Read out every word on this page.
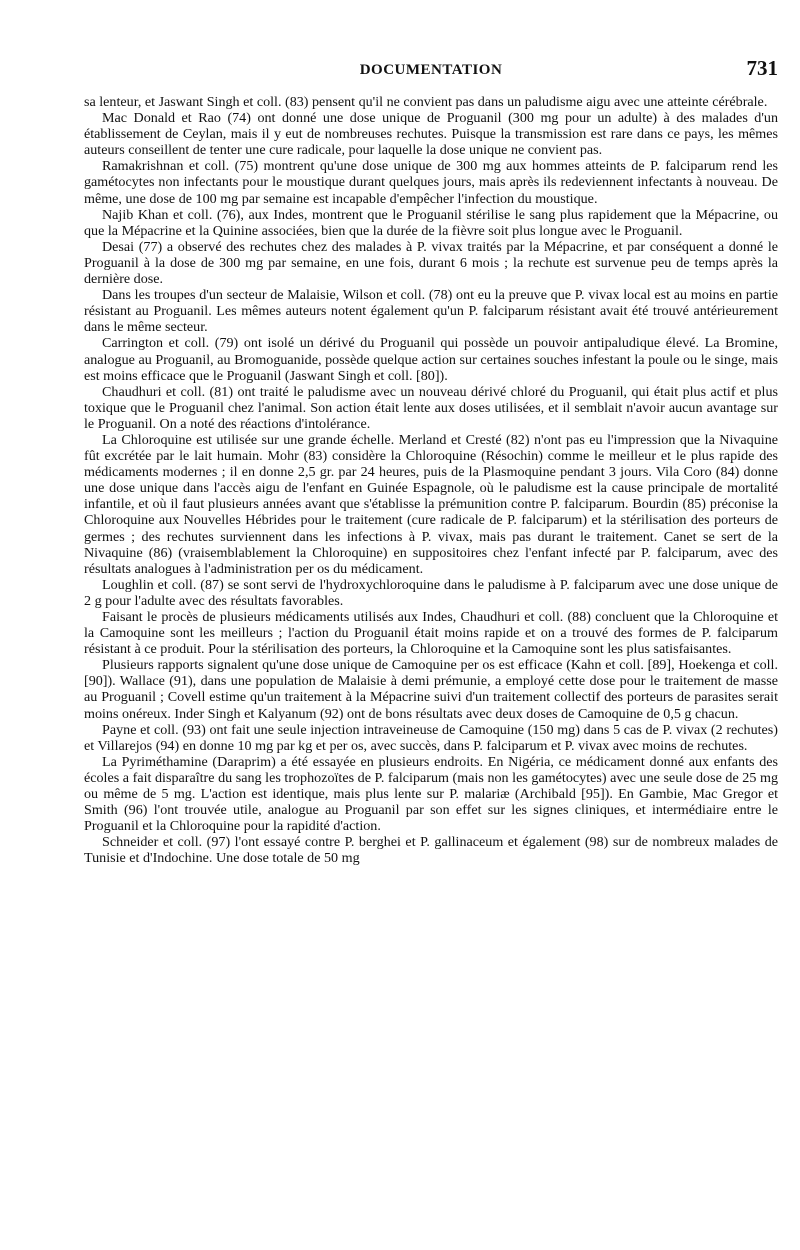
DOCUMENTATION	731

sa lenteur, et Jaswant Singh et coll. (83) pensent qu'il ne convient pas dans un paludisme aigu avec une atteinte cérébrale.

Mac Donald et Rao (74) ont donné une dose unique de Proguanil (300 mg pour un adulte) à des malades d'un établissement de Ceylan, mais il y eut de nombreuses rechutes. Puisque la transmission est rare dans ce pays, les mêmes auteurs conseillent de tenter une cure radicale, pour laquelle la dose unique ne convient pas.

Ramakrishnan et coll. (75) montrent qu'une dose unique de 300 mg aux hommes atteints de P. falciparum rend les gamétocytes non infectants pour le moustique durant quelques jours, mais après ils redeviennent infectants à nouveau. De même, une dose de 100 mg par semaine est incapable d'empêcher l'infection du moustique.

Najib Khan et coll. (76), aux Indes, montrent que le Proguanil stérilise le sang plus rapidement que la Mépacrine, ou que la Mépacrine et la Quinine associées, bien que la durée de la fièvre soit plus longue avec le Proguanil.

Desai (77) a observé des rechutes chez des malades à P. vivax traités par la Mépacrine, et par conséquent a donné le Proguanil à la dose de 300 mg par semaine, en une fois, durant 6 mois ; la rechute est survenue peu de temps après la dernière dose.

Dans les troupes d'un secteur de Malaisie, Wilson et coll. (78) ont eu la preuve que P. vivax local est au moins en partie résistant au Proguanil. Les mêmes auteurs notent également qu'un P. falciparum résistant avait été trouvé antérieurement dans le même secteur.

Carrington et coll. (79) ont isolé un dérivé du Proguanil qui possède un pouvoir antipaludique élevé. La Bromine, analogue au Proguanil, au Bromoguanide, possède quelque action sur certaines souches infestant la poule ou le singe, mais est moins efficace que le Proguanil (Jaswant Singh et coll. [80]).

Chaudhuri et coll. (81) ont traité le paludisme avec un nouveau dérivé chloré du Proguanil, qui était plus actif et plus toxique que le Proguanil chez l'animal. Son action était lente aux doses utilisées, et il semblait n'avoir aucun avantage sur le Proguanil. On a noté des réactions d'intolérance.

La Chloroquine est utilisée sur une grande échelle. Merland et Cresté (82) n'ont pas eu l'impression que la Nivaquine fût excrétée par le lait humain. Mohr (83) considère la Chloroquine (Résochin) comme le meilleur et le plus rapide des médicaments modernes ; il en donne 2,5 gr. par 24 heures, puis de la Plasmoquine pendant 3 jours. Vila Coro (84) donne une dose unique dans l'accès aigu de l'enfant en Guinée Espagnole, où le paludisme est la cause principale de mortalité infantile, et où il faut plusieurs années avant que s'établisse la prémunition contre P. falciparum. Bourdin (85) préconise la Chloroquine aux Nouvelles Hébrides pour le traitement (cure radicale de P. falciparum) et la stérilisation des porteurs de germes ; des rechutes surviennent dans les infections à P. vivax, mais pas durant le traitement. Canet se sert de la Nivaquine (86) (vraisemblablement la Chloroquine) en suppositoires chez l'enfant infecté par P. falciparum, avec des résultats analogues à l'administration per os du médicament.

Loughlin et coll. (87) se sont servi de l'hydroxychloroquine dans le paludisme à P. falciparum avec une dose unique de 2 g pour l'adulte avec des résultats favorables.

Faisant le procès de plusieurs médicaments utilisés aux Indes, Chaudhuri et coll. (88) concluent que la Chloroquine et la Camoquine sont les meilleurs ; l'action du Proguanil était moins rapide et on a trouvé des formes de P. falciparum résistant à ce produit. Pour la stérilisation des porteurs, la Chloroquine et la Camoquine sont les plus satisfaisantes.

Plusieurs rapports signalent qu'une dose unique de Camoquine per os est efficace (Kahn et coll. [89], Hoekenga et coll. [90]). Wallace (91), dans une population de Malaisie à demi prémunie, a employé cette dose pour le traitement de masse au Proguanil ; Covell estime qu'un traitement à la Mépacrine suivi d'un traitement collectif des porteurs de parasites serait moins onéreux. Inder Singh et Kalyanum (92) ont de bons résultats avec deux doses de Camoquine de 0,5 g chacun.

Payne et coll. (93) ont fait une seule injection intraveineuse de Camoquine (150 mg) dans 5 cas de P. vivax (2 rechutes) et Villarejos (94) en donne 10 mg par kg et per os, avec succès, dans P. falciparum et P. vivax avec moins de rechutes.

La Pyriméthamine (Daraprim) a été essayée en plusieurs endroits. En Nigéria, ce médicament donné aux enfants des écoles a fait disparaître du sang les trophozoïtes de P. falciparum (mais non les gamétocytes) avec une seule dose de 25 mg ou même de 5 mg. L'action est identique, mais plus lente sur P. malariæ (Archibald [95]). En Gambie, Mac Gregor et Smith (96) l'ont trouvée utile, analogue au Proguanil par son effet sur les signes cliniques, et intermédiaire entre le Proguanil et la Chloroquine pour la rapidité d'action.

Schneider et coll. (97) l'ont essayé contre P. berghei et P. gallinaceum et également (98) sur de nombreux malades de Tunisie et d'Indochine. Une dose totale de 50 mg
